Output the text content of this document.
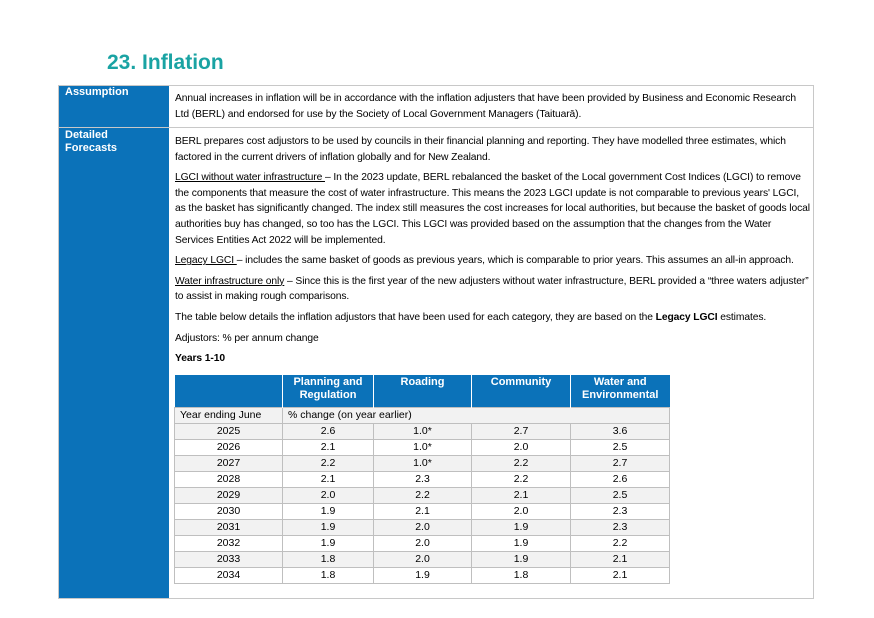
23. Inflation
Assumption
Detailed
Forecasts

Annual increases in inflation will be in accordance with the inflation adjusters that have been provided by Business and Economic Research Ltd (BERL) and endorsed for use by the Society of Local Government Managers (Taituarā).

BERL prepares cost adjustors to be used by councils in their financial planning and reporting. They have modelled three estimates, which factored in the current drivers of inflation globally and for New Zealand.

LGCI without water infrastructure – In the 2023 update, BERL rebalanced the basket of the Local government Cost Indices (LGCI) to remove the components that measure the cost of water infrastructure. This means the 2023 LGCI update is not comparable to previous years' LGCI, as the basket has significantly changed. The index still measures the cost increases for local authorities, but because the basket of goods local authorities buy has changed, so too has the LGCI. This LGCI was provided based on the assumption that the changes from the Water Services Entities Act 2022 will be implemented.

Legacy LGCI – includes the same basket of goods as previous years, which is comparable to prior years. This assumes an all-in approach.

Water infrastructure only – Since this is the first year of the new adjusters without water infrastructure, BERL provided a “three waters adjuster” to assist in making rough comparisons.

The table below details the inflation adjustors that have been used for each category, they are based on the Legacy LGCI estimates.

Adjustors: % per annum change

Years 1-10

	Planning and Regulation	Roading	Community	Water and Environmental

Year ending June	% change (on year earlier)			
2025	2.6	1.0*	2.7	3.6
2026	2.1	1.0*	2.0	2.5
2027	2.2	1.0*	2.2	2.7
2028	2.1	2.3	2.2	2.6
2029	2.0	2.2	2.1	2.5
2030	1.9	2.1	2.0	2.3
2031	1.9	2.0	1.9	2.3
2032	1.9	2.0	1.9	2.2
2033	1.8	2.0	1.9	2.1
2034	1.8	1.9	1.8	2.1
